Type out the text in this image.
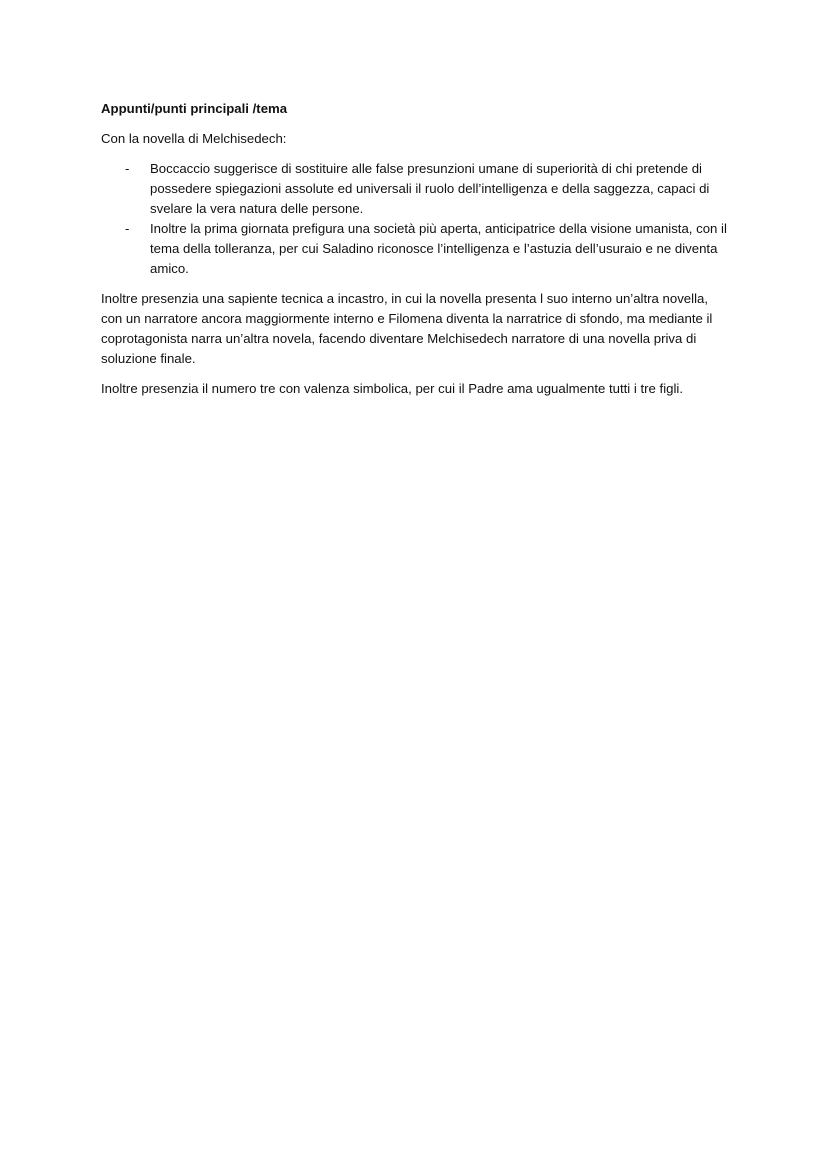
Appunti/punti principali /tema
Con la novella di Melchisedech:
- Boccaccio suggerisce di sostituire alle false presunzioni umane di superiorità di chi pretende di possedere spiegazioni assolute ed universali il ruolo dell’intelligenza e della saggezza, capaci di svelare la vera natura delle persone.
- Inoltre la prima giornata prefigura una società più aperta, anticipatrice della visione umanista, con il tema della tolleranza, per cui Saladino riconosce l’intelligenza e l’astuzia dell’usuraio e ne diventa amico.

Inoltre presenzia una sapiente tecnica a incastro, in cui la novella presenta l suo interno un’altra novella, con un narratore ancora maggiormente interno e Filomena diventa la narratrice di sfondo, ma mediante il coprotagonista narra un’altra novela, facendo diventare Melchisedech narratore di una novella priva di soluzione finale.

Inoltre presenzia il numero tre con valenza simbolica, per cui il Padre ama ugualmente tutti i tre figli.
